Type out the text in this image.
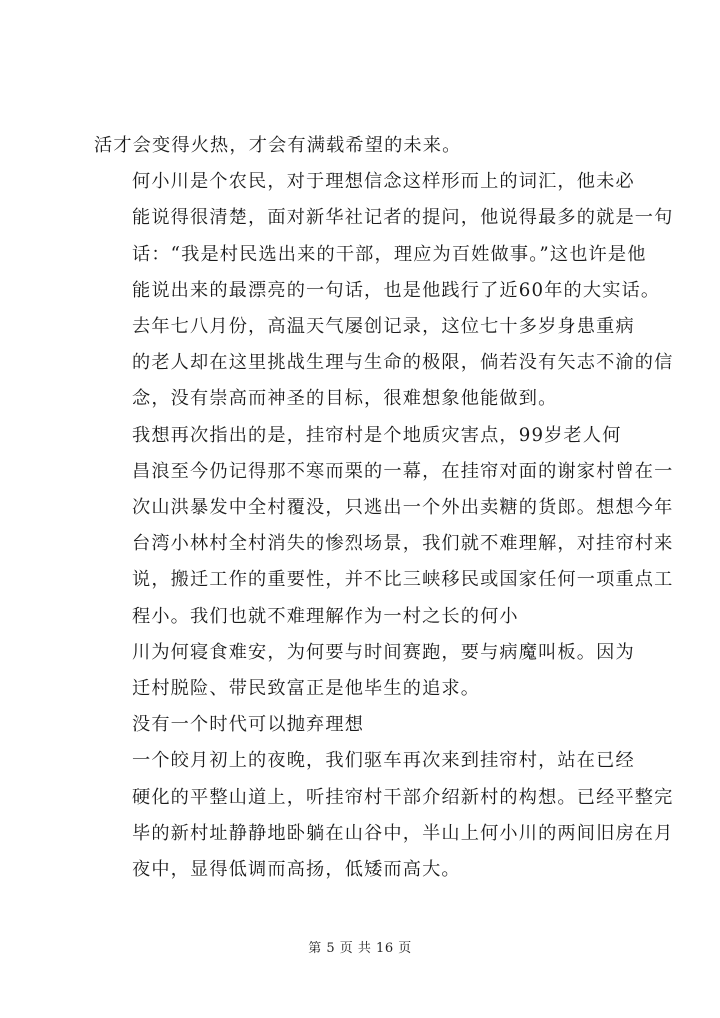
活才会变得火热，才会有满载希望的未来。

何小川是个农民，对于理想信念这样形而上的词汇，他未必
能说得很清楚，面对新华社记者的提问，他说得最多的就是一句
话：“我是村民选出来的干部，理应为百姓做事。”这也许是他
能说出来的最漂亮的一句话，也是他践行了近60年的大实话。

去年七八月份，高温天气屡创记录，这位七十多岁身患重病
的老人却在这里挑战生理与生命的极限，倘若没有矢志不渝的信
念，没有崇高而神圣的目标，很难想象他能做到。

我想再次指出的是，挂帘村是个地质灾害点，99岁老人何
昌浪至今仍记得那不寒而栗的一幕，在挂帘对面的谢家村曾在一
次山洪暴发中全村覆没，只逃出一个外出卖糖的货郎。想想今年
台湾小林村全村消失的惨烈场景，我们就不难理解，对挂帘村来
说，搬迁工作的重要性，并不比三峡移民或国家任何一项重点工
程小。我们也就不难理解作为一村之长的何小

川为何寝食难安，为何要与时间赛跑，要与病魔叫板。因为
迁村脱险、带民致富正是他毕生的追求。

没有一个时代可以抛弃理想

一个皎月初上的夜晚，我们驱车再次来到挂帘村，站在已经
硬化的平整山道上，听挂帘村干部介绍新村的构想。已经平整完
毕的新村址静静地卧躺在山谷中，半山上何小川的两间旧房在月
夜中，显得低调而高扬，低矮而高大。

第 5 页 共 16 页
